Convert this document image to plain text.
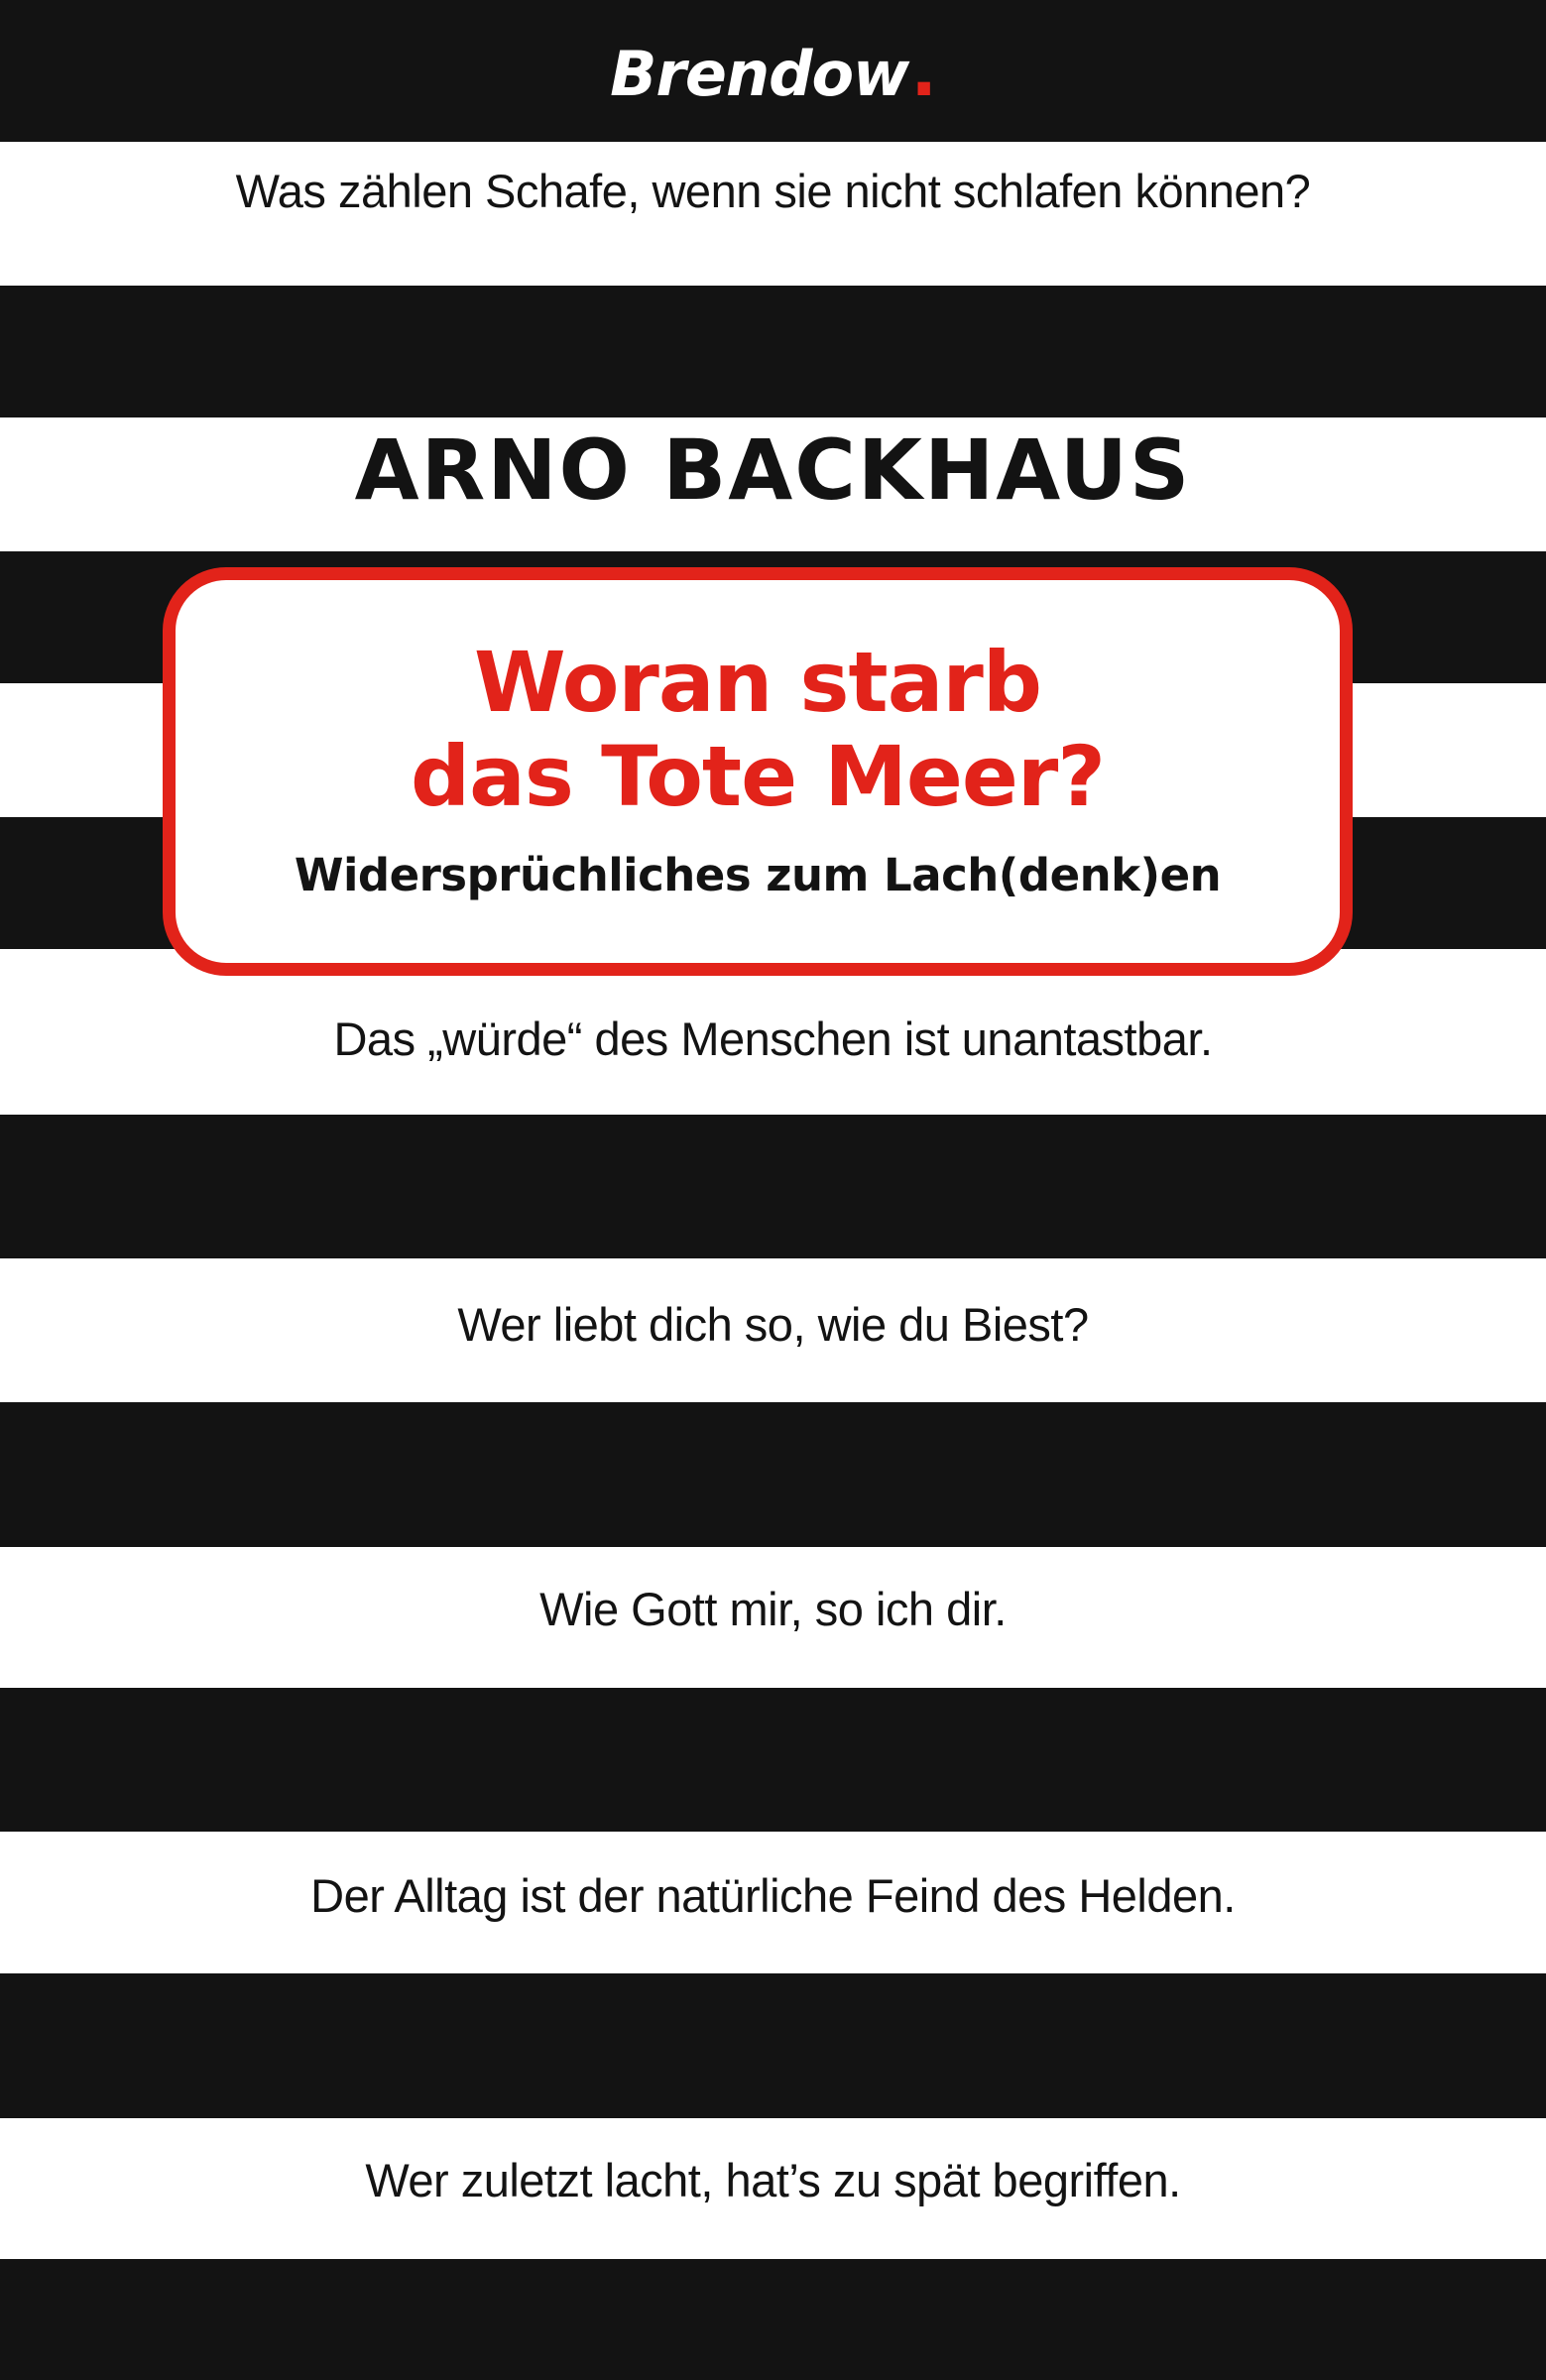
Brendow .
Was zählen Schafe, wenn sie nicht schlafen können?
ARNO BACKHAUS
Woran starb
das Tote Meer?
Widersprüchliches zum Lach(denk)en
Das „würde“ des Menschen ist unantastbar.
Wer liebt dich so, wie du Biest?
Wie Gott mir, so ich dir.
Der Alltag ist der natürliche Feind des Helden.
Wer zuletzt lacht, hat’s zu spät begriffen.
